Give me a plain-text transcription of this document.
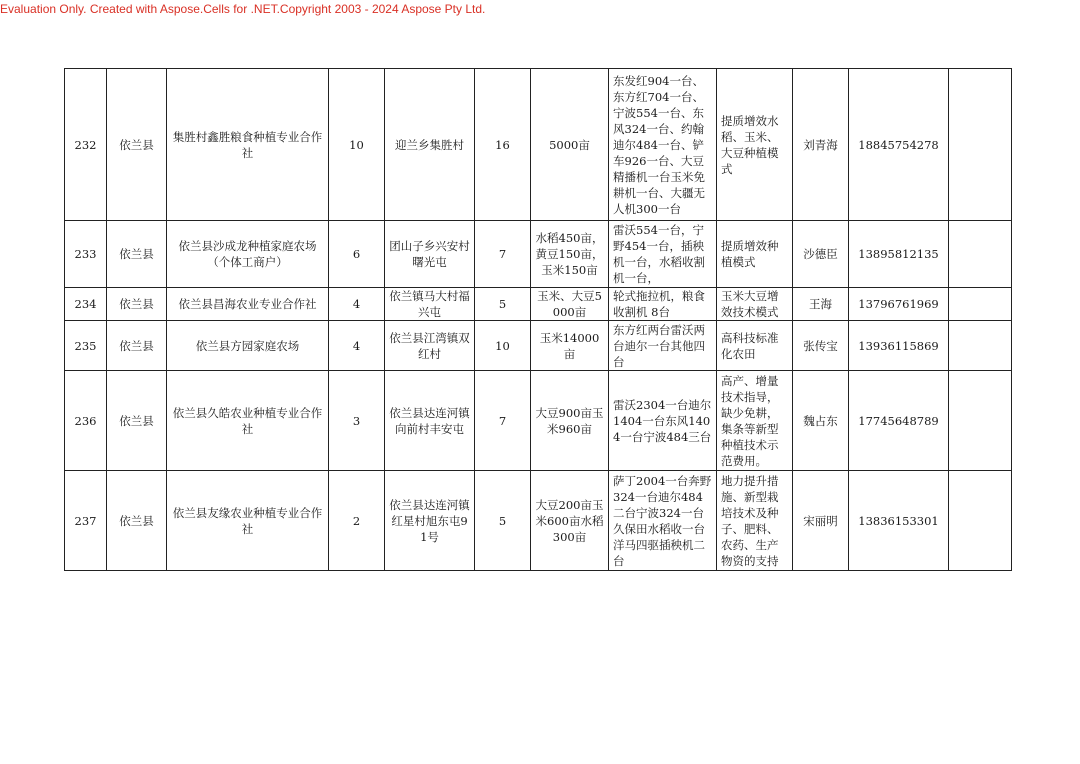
Evaluation Only. Created with Aspose.Cells for .NET.Copyright 2003 - 2024 Aspose Pty Ltd.
232	依兰县	集胜村鑫胜粮食种植专业合作社	10	迎兰乡集胜村	16	5000亩	东发红904一台、东方红704一台、宁波554一台、东风324一台、约翰迪尔484一台、铲车926一台、大豆精播机一台玉米免耕机一台、大疆无人机300一台	提质增效水稻、玉米、大豆种植模式	刘青海	18845754278	
233	依兰县	依兰县沙成龙种植家庭农场（个体工商户）	6	团山子乡兴安村曙光屯	7	水稻450亩，黄豆150亩，玉米150亩	雷沃554一台，宁野454一台，插秧机一台，水稻收割机一台，	提质增效种植模式	沙德臣	13895812135	
234	依兰县	依兰县昌海农业专业合作社	4	依兰镇马大村福兴屯	5	玉米、大豆5000亩	轮式拖拉机，粮食收割机 8台	玉米大豆增效技术模式	王海	13796761969	
235	依兰县	依兰县方园家庭农场	4	依兰县江湾镇双红村	10	玉米14000亩	东方红两台雷沃两台迪尔一台其他四台	高科技标准化农田	张传宝	13936115869	
236	依兰县	依兰县久皓农业种植专业合作社	3	依兰县达连河镇向前村丰安屯	7	大豆900亩玉米960亩	雷沃2304一台迪尔1404一台东风1404一台宁波484三台	高产、增量技术指导，缺少免耕，集条等新型种植技术示范费用。	魏占东	17745648789	
237	依兰县	依兰县友缘农业种植专业合作社	2	依兰县达连河镇红星村旭东屯91号	5	大豆200亩玉米600亩水稻300亩	萨丁2004一台奔野324一台迪尔484二台宁波324一台久保田水稻收一台洋马四驱插秧机二台	地力提升措施、新型栽培技术及种子、肥料、农药、生产物资的支持	宋丽明	13836153301	
